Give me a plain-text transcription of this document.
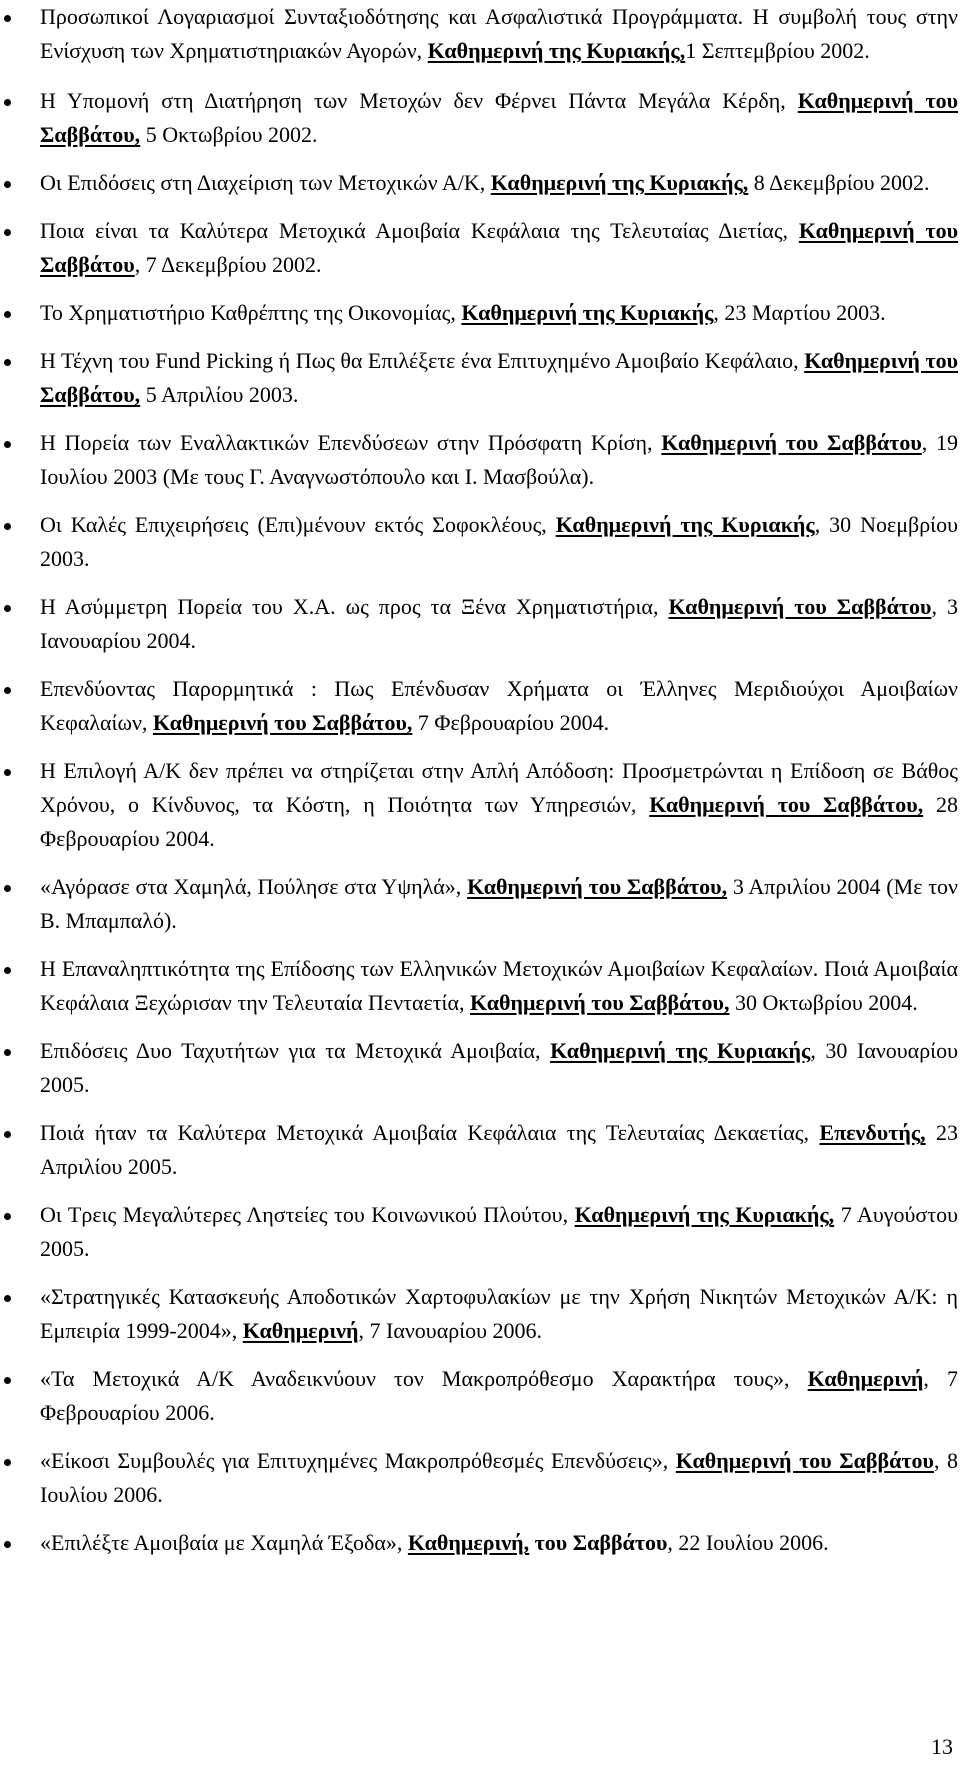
Προσωπικοί Λογαριασμοί Συνταξιοδότησης και Ασφαλιστικά Προγράμματα. Η συμβολή τους στην Ενίσχυση των Χρηματιστηριακών Αγορών, Καθημερινή της Κυριακής,1 Σεπτεμβρίου 2002.
Η Υπομονή στη Διατήρηση των Μετοχών δεν Φέρνει Πάντα Μεγάλα Κέρδη, Καθημερινή του Σαββάτου, 5 Οκτωβρίου 2002.
Οι Επιδόσεις στη Διαχείριση των Μετοχικών Α/Κ, Καθημερινή της Κυριακής, 8 Δεκεμβρίου 2002.
Ποια είναι τα Καλύτερα Μετοχικά Αμοιβαία Κεφάλαια της Τελευταίας Διετίας, Καθημερινή του Σαββάτου, 7 Δεκεμβρίου 2002.
Το Χρηματιστήριο Καθρέπτης της Οικονομίας, Καθημερινή της Κυριακής, 23 Μαρτίου 2003.
Η Τέχνη του Fund Picking ή Πως θα Επιλέξετε ένα Επιτυχημένο Αμοιβαίο Κεφάλαιο, Καθημερινή του Σαββάτου, 5 Απριλίου 2003.
Η Πορεία των Εναλλακτικών Επενδύσεων στην Πρόσφατη Κρίση, Καθημερινή του Σαββάτου, 19 Ιουλίου 2003 (Με τους Γ. Αναγνωστόπουλο και Ι. Μασβούλα).
Οι Καλές Επιχειρήσεις (Επι)μένουν εκτός Σοφοκλέους, Καθημερινή της Κυριακής, 30 Νοεμβρίου 2003.
Η Ασύμμετρη Πορεία του Χ.Α. ως προς τα Ξένα Χρηματιστήρια, Καθημερινή του Σαββάτου, 3 Ιανουαρίου 2004.
Επενδύοντας Παρορμητικά : Πως Επένδυσαν Χρήματα οι Έλληνες Μεριδιούχοι Αμοιβαίων Κεφαλαίων, Καθημερινή του Σαββάτου, 7 Φεβρουαρίου 2004.
Η Επιλογή Α/Κ δεν πρέπει να στηρίζεται στην Απλή Απόδοση: Προσμετρώνται η Επίδοση σε Βάθος Χρόνου, ο Κίνδυνος, τα Κόστη, η Ποιότητα των Υπηρεσιών, Καθημερινή του Σαββάτου, 28 Φεβρουαρίου 2004.
«Αγόρασε στα Χαμηλά, Πούλησε στα Υψηλά», Καθημερινή του Σαββάτου, 3 Απριλίου 2004 (Με τον Β. Μπαμπαλό).
Η Επαναληπτικότητα της Επίδοσης των Ελληνικών Μετοχικών Αμοιβαίων Κεφαλαίων. Ποιά Αμοιβαία Κεφάλαια Ξεχώρισαν την Τελευταία Πενταετία, Καθημερινή του Σαββάτου, 30 Οκτωβρίου 2004.
Επιδόσεις Δυο Ταχυτήτων για τα Μετοχικά Αμοιβαία, Καθημερινή της Κυριακής, 30 Ιανουαρίου 2005.
Ποιά ήταν τα Καλύτερα Μετοχικά Αμοιβαία Κεφάλαια της Τελευταίας Δεκαετίας, Επενδυτής, 23 Απριλίου 2005.
Οι Τρεις Μεγαλύτερες Ληστείες του Κοινωνικού Πλούτου, Καθημερινή της Κυριακής, 7 Αυγούστου 2005.
«Στρατηγικές Κατασκευής Αποδοτικών Χαρτοφυλακίων με την Χρήση Νικητών Μετοχικών Α/Κ: η Εμπειρία 1999-2004», Καθημερινή, 7 Ιανουαρίου 2006.
«Τα Μετοχικά Α/Κ Αναδεικνύουν τον Μακροπρόθεσμο Χαρακτήρα τους», Καθημερινή, 7 Φεβρουαρίου 2006.
«Είκοσι Συμβουλές για Επιτυχημένες Μακροπρόθεσμές Επενδύσεις», Καθημερινή του Σαββάτου, 8 Ιουλίου 2006.
«Επιλέξτε Αμοιβαία με Χαμηλά Έξοδα», Καθημερινή, του Σαββάτου, 22 Ιουλίου 2006.
13
